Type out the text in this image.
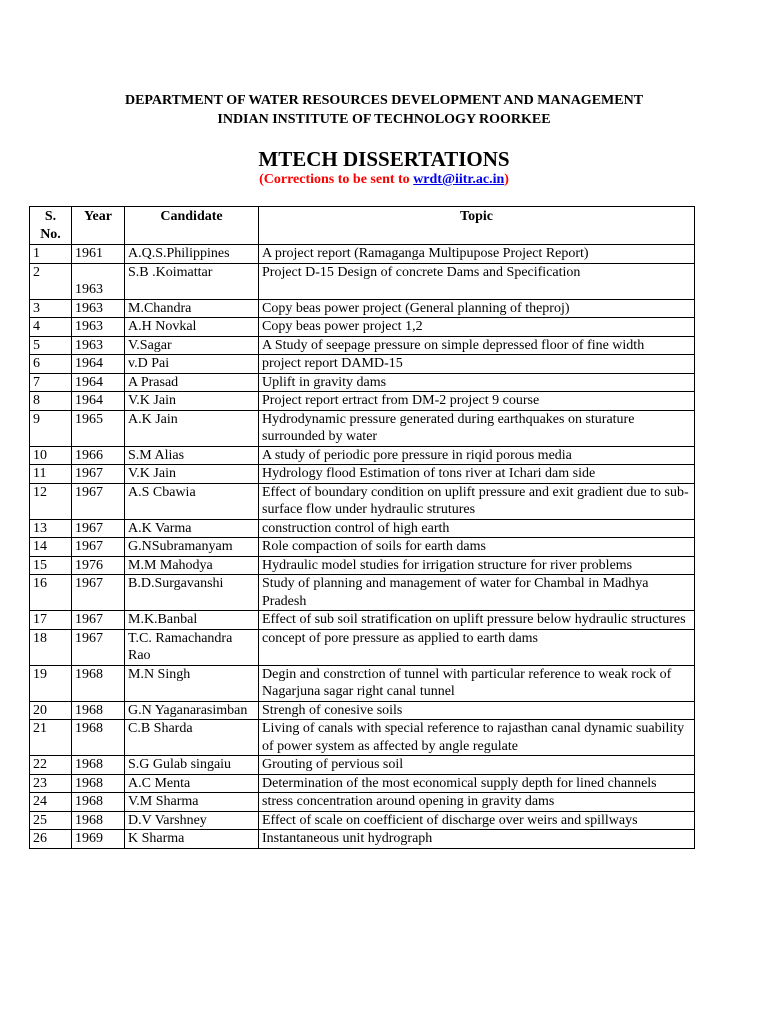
DEPARTMENT OF WATER RESOURCES DEVELOPMENT AND MANAGEMENT
INDIAN INSTITUTE OF TECHNOLOGY ROORKEE
MTECH DISSERTATIONS
(Corrections to be sent to wrdt@iitr.ac.in)
S. No.	Year	Candidate	Topic
1	1961	A.Q.S.Philippines	A project report (Ramaganga Multipupose Project Report)
2	1963	S.B .Koimattar	Project D-15 Design of concrete Dams and Specification
3	1963	M.Chandra	Copy beas power project (General planning of theproj)
4	1963	A.H Novkal	Copy beas power project 1,2
5	1963	V.Sagar	A Study of seepage pressure on simple depressed floor of fine width
6	1964	v.D Pai	project report DAMD-15
7	1964	A Prasad	Uplift in gravity dams
8	1964	V.K Jain	Project report ertract from DM-2 project 9 course
9	1965	A.K Jain	Hydrodynamic pressure generated during earthquakes on sturature surrounded by water
10	1966	S.M Alias	A study of periodic pore pressure in riqid porous media
11	1967	V.K Jain	Hydrology flood Estimation of tons river at Ichari dam side
12	1967	A.S Cbawia	Effect of boundary condition on uplift pressure and exit gradient due to sub-surface flow under hydraulic strutures
13	1967	A.K Varma	construction control of high earth
14	1967	G.NSubramanyam	Role compaction of soils for earth dams
15	1976	M.M Mahodya	Hydraulic model studies for irrigation structure for river problems
16	1967	B.D.Surgavanshi	Study of planning and management of water for Chambal in Madhya Pradesh
17	1967	M.K.Banbal	Effect of sub soil stratification on uplift pressure below hydraulic structures
18	1967	T.C. Ramachandra Rao	concept of pore pressure as applied to earth dams
19	1968	M.N Singh	Degin and constrction of tunnel with particular reference to weak rock of Nagarjuna sagar right canal tunnel
20	1968	G.N Yaganarasimban	Strengh of conesive soils
21	1968	C.B Sharda	Living of canals with special reference to rajasthan canal dynamic suability of power system as affected by angle regulate
22	1968	S.G Gulab singaiu	Grouting of pervious soil
23	1968	A.C Menta	Determination of the most economical supply depth for lined channels
24	1968	V.M Sharma	stress concentration around opening in gravity dams
25	1968	D.V Varshney	Effect of scale on coefficient of discharge over weirs and spillways
26	1969	K Sharma	Instantaneous unit hydrograph
